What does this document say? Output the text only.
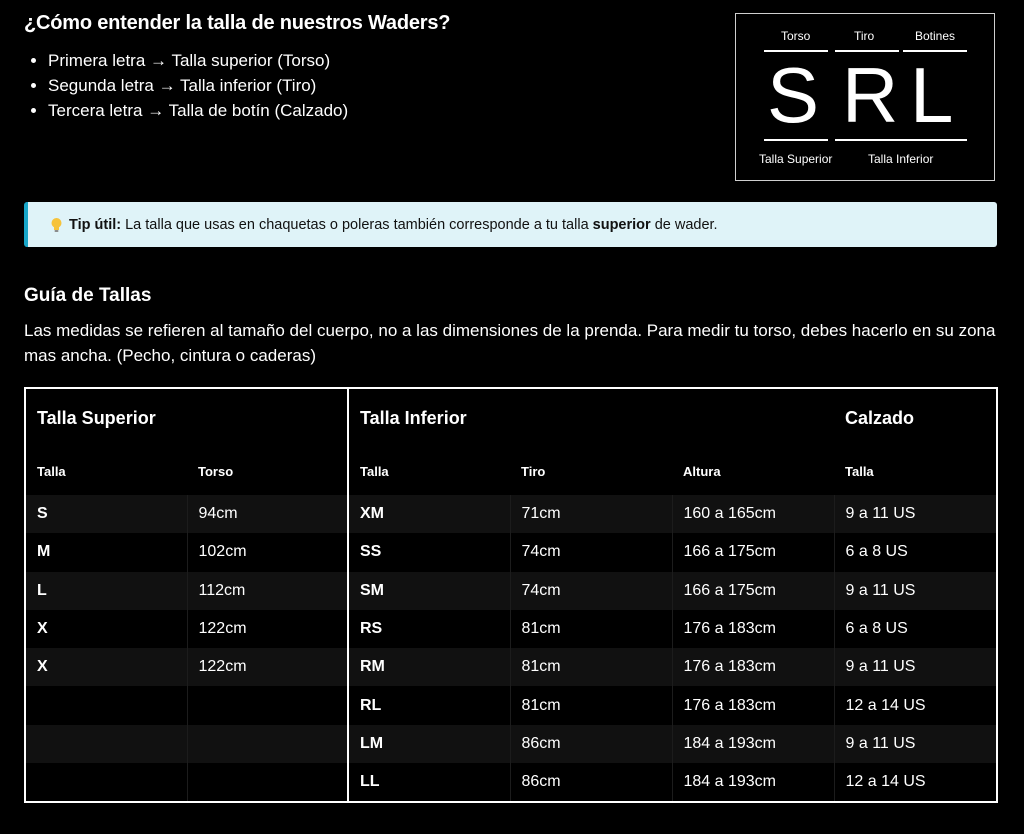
¿Cómo entender la talla de nuestros Waders?
• Primera letra → Talla superior (Torso)
• Segunda letra → Talla inferior (Tiro)
• Tercera letra → Talla de botín (Calzado)
Torso	Tiro	Botines
S R L
Talla Superior	Talla Inferior
Tip útil: La talla que usas en chaquetas o poleras también corresponde a tu talla superior de wader.
Guía de Tallas
Las medidas se refieren al tamaño del cuerpo, no a las dimensiones de la prenda. Para medir tu torso, debes hacerlo en su zona mas ancha. (Pecho, cintura o caderas)
Talla Superior	
Talla	Torso
S	94cm
M	102cm
L	112cm
X	122cm
X	122cm

Talla Inferior			Calzado
Talla	Tiro	Altura	Talla
XM	71cm	160 a 165cm	9 a 11 US
SS	74cm	166 a 175cm	6 a 8 US
SM	74cm	166 a 175cm	9 a 11 US
RS	81cm	176 a 183cm	6 a 8 US
RM	81cm	176 a 183cm	9 a 11 US
RL	81cm	176 a 183cm	12 a 14 US
LM	86cm	184 a 193cm	9 a 11 US
LL	86cm	184 a 193cm	12 a 14 US
